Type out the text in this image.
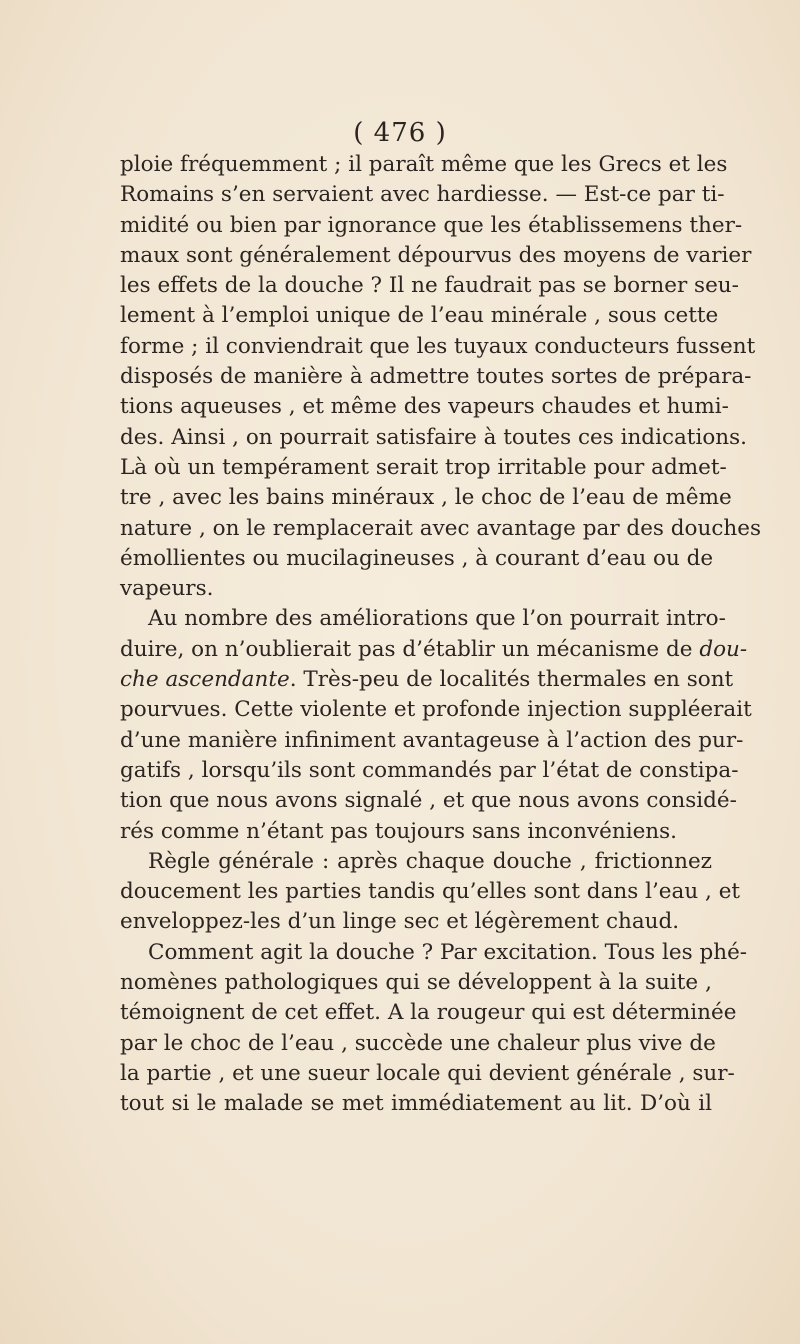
( 476 )
ploie fréquemment ; il paraît même que les Grecs et les
Romains s’en servaient avec hardiesse. — Est-ce par ti-
midité ou bien par ignorance que les établissemens ther-
maux sont généralement dépourvus des moyens de varier
les effets de la douche ? Il ne faudrait pas se borner seu-
lement à l’emploi unique de l’eau minérale , sous cette
forme ; il conviendrait que les tuyaux conducteurs fussent
disposés de manière à admettre toutes sortes de prépara-
tions aqueuses , et même des vapeurs chaudes et humi-
des. Ainsi , on pourrait satisfaire à toutes ces indications.
Là où un tempérament serait trop irritable pour admet-
tre , avec les bains minéraux , le choc de l’eau de même
nature , on le remplacerait avec avantage par des douches
émollientes ou mucilagineuses , à courant d’eau ou de
vapeurs.
Au nombre des améliorations que l’on pourrait intro-
duire, on n’oublierait pas d’établir un mécanisme de dou-
che ascendante. Très-peu de localités thermales en sont
pourvues. Cette violente et profonde injection suppléerait
d’une manière infiniment avantageuse à l’action des pur-
gatifs , lorsqu’ils sont commandés par l’état de constipa-
tion que nous avons signalé , et que nous avons considé-
rés comme n’étant pas toujours sans inconvéniens.
Règle générale : après chaque douche , frictionnez
doucement les parties tandis qu’elles sont dans l’eau , et
enveloppez-les d’un linge sec et légèrement chaud.
Comment agit la douche ? Par excitation. Tous les phé-
nomènes pathologiques qui se développent à la suite ,
témoignent de cet effet. A la rougeur qui est déterminée
par le choc de l’eau , succède une chaleur plus vive de
la partie , et une sueur locale qui devient générale , sur-
tout si le malade se met immédiatement au lit. D’où il
